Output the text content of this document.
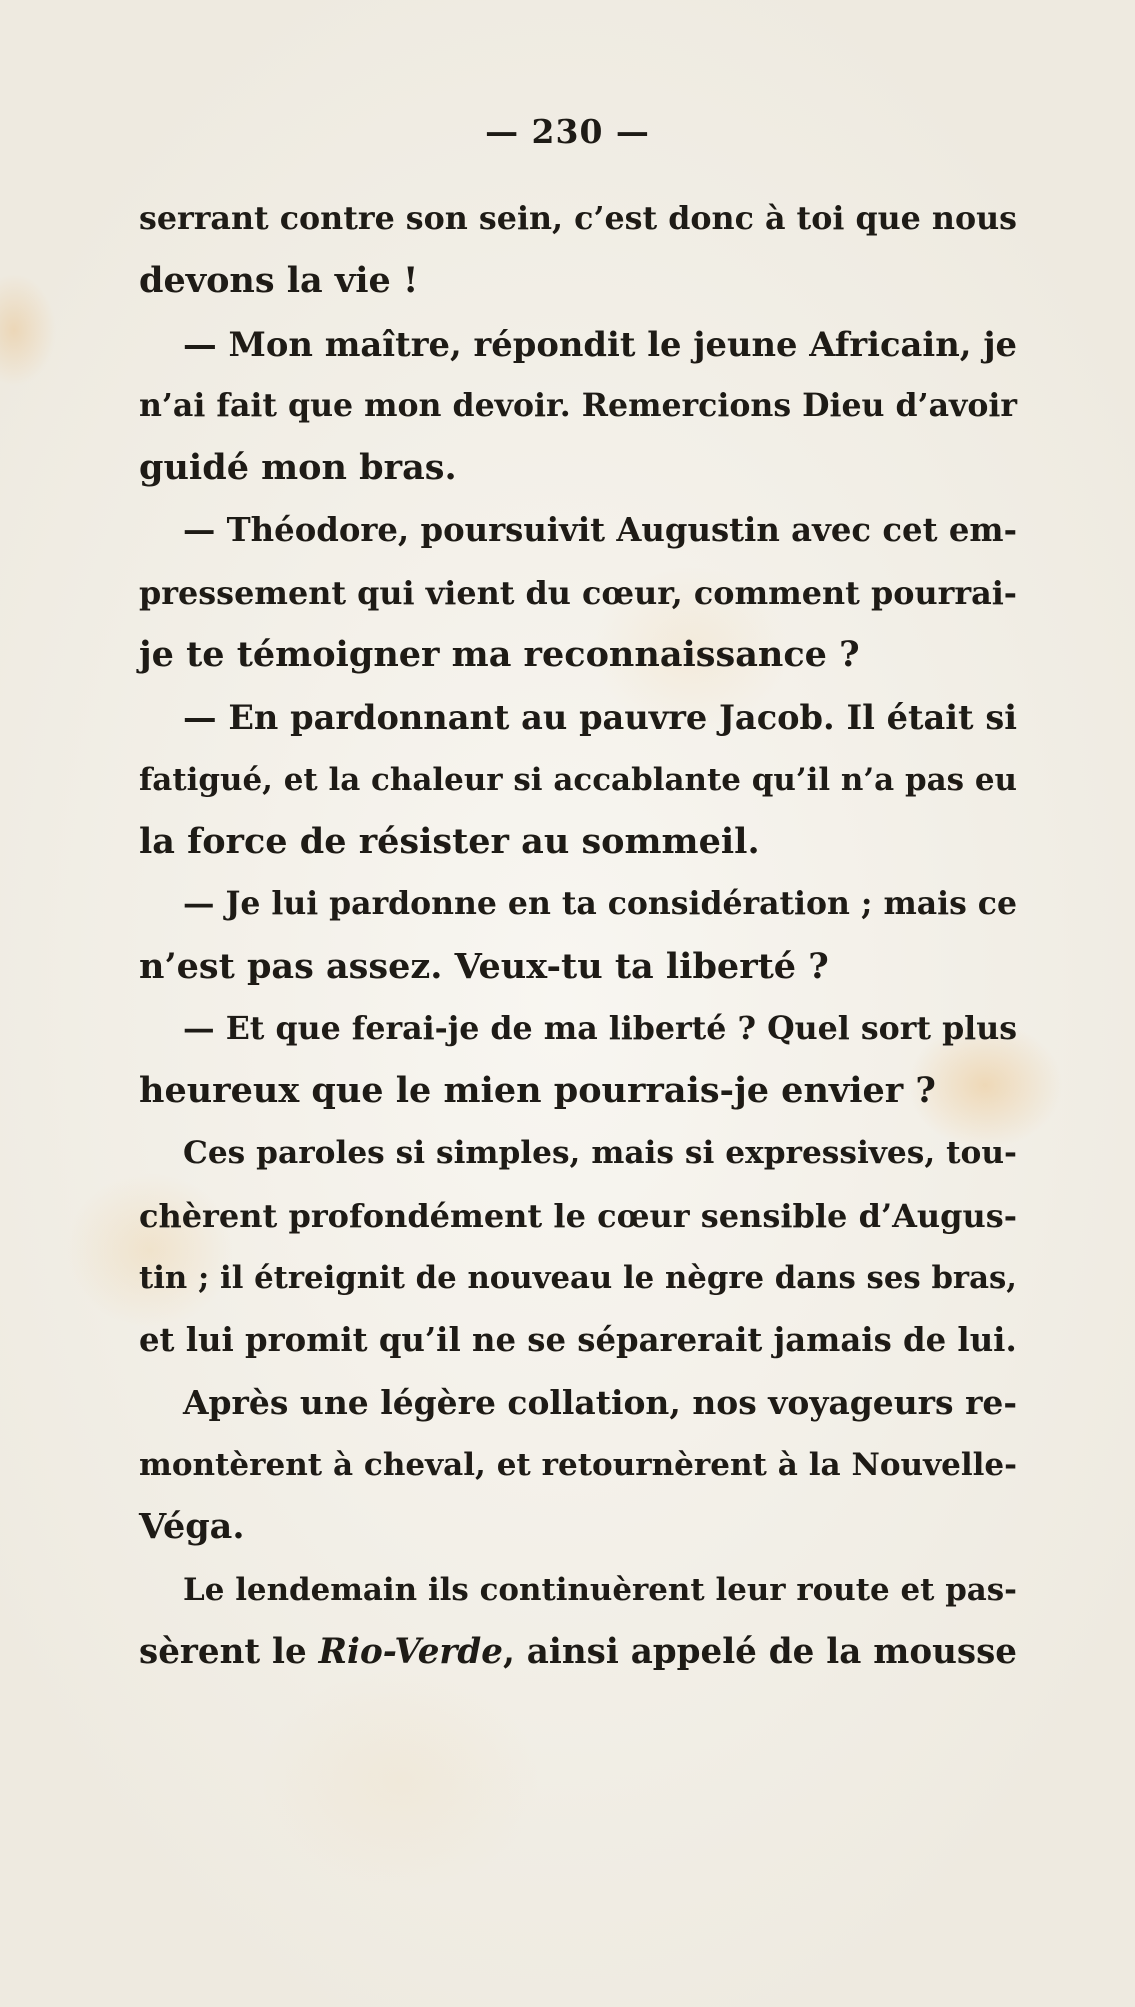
— 230 —
serrant contre son sein, c’est donc à toi que nous
devons la vie !
— Mon maître, répondit le jeune Africain, je
n’ai fait que mon devoir. Remercions Dieu d’avoir
guidé mon bras.
— Théodore, poursuivit Augustin avec cet em-
pressement qui vient du cœur, comment pourrai-
je te témoigner ma reconnaissance ?
— En pardonnant au pauvre Jacob. Il était si
fatigué, et la chaleur si accablante qu’il n’a pas eu
la force de résister au sommeil.
— Je lui pardonne en ta considération ; mais ce
n’est pas assez. Veux-tu ta liberté ?
— Et que ferai-je de ma liberté ? Quel sort plus
heureux que le mien pourrais-je envier ?
Ces paroles si simples, mais si expressives, tou-
chèrent profondément le cœur sensible d’Augus-
tin ; il étreignit de nouveau le nègre dans ses bras,
et lui promit qu’il ne se séparerait jamais de lui.
Après une légère collation, nos voyageurs re-
montèrent à cheval, et retournèrent à la Nouvelle-
Véga.
Le lendemain ils continuèrent leur route et pas-
sèrent le Rio-Verde, ainsi appelé de la mousse
